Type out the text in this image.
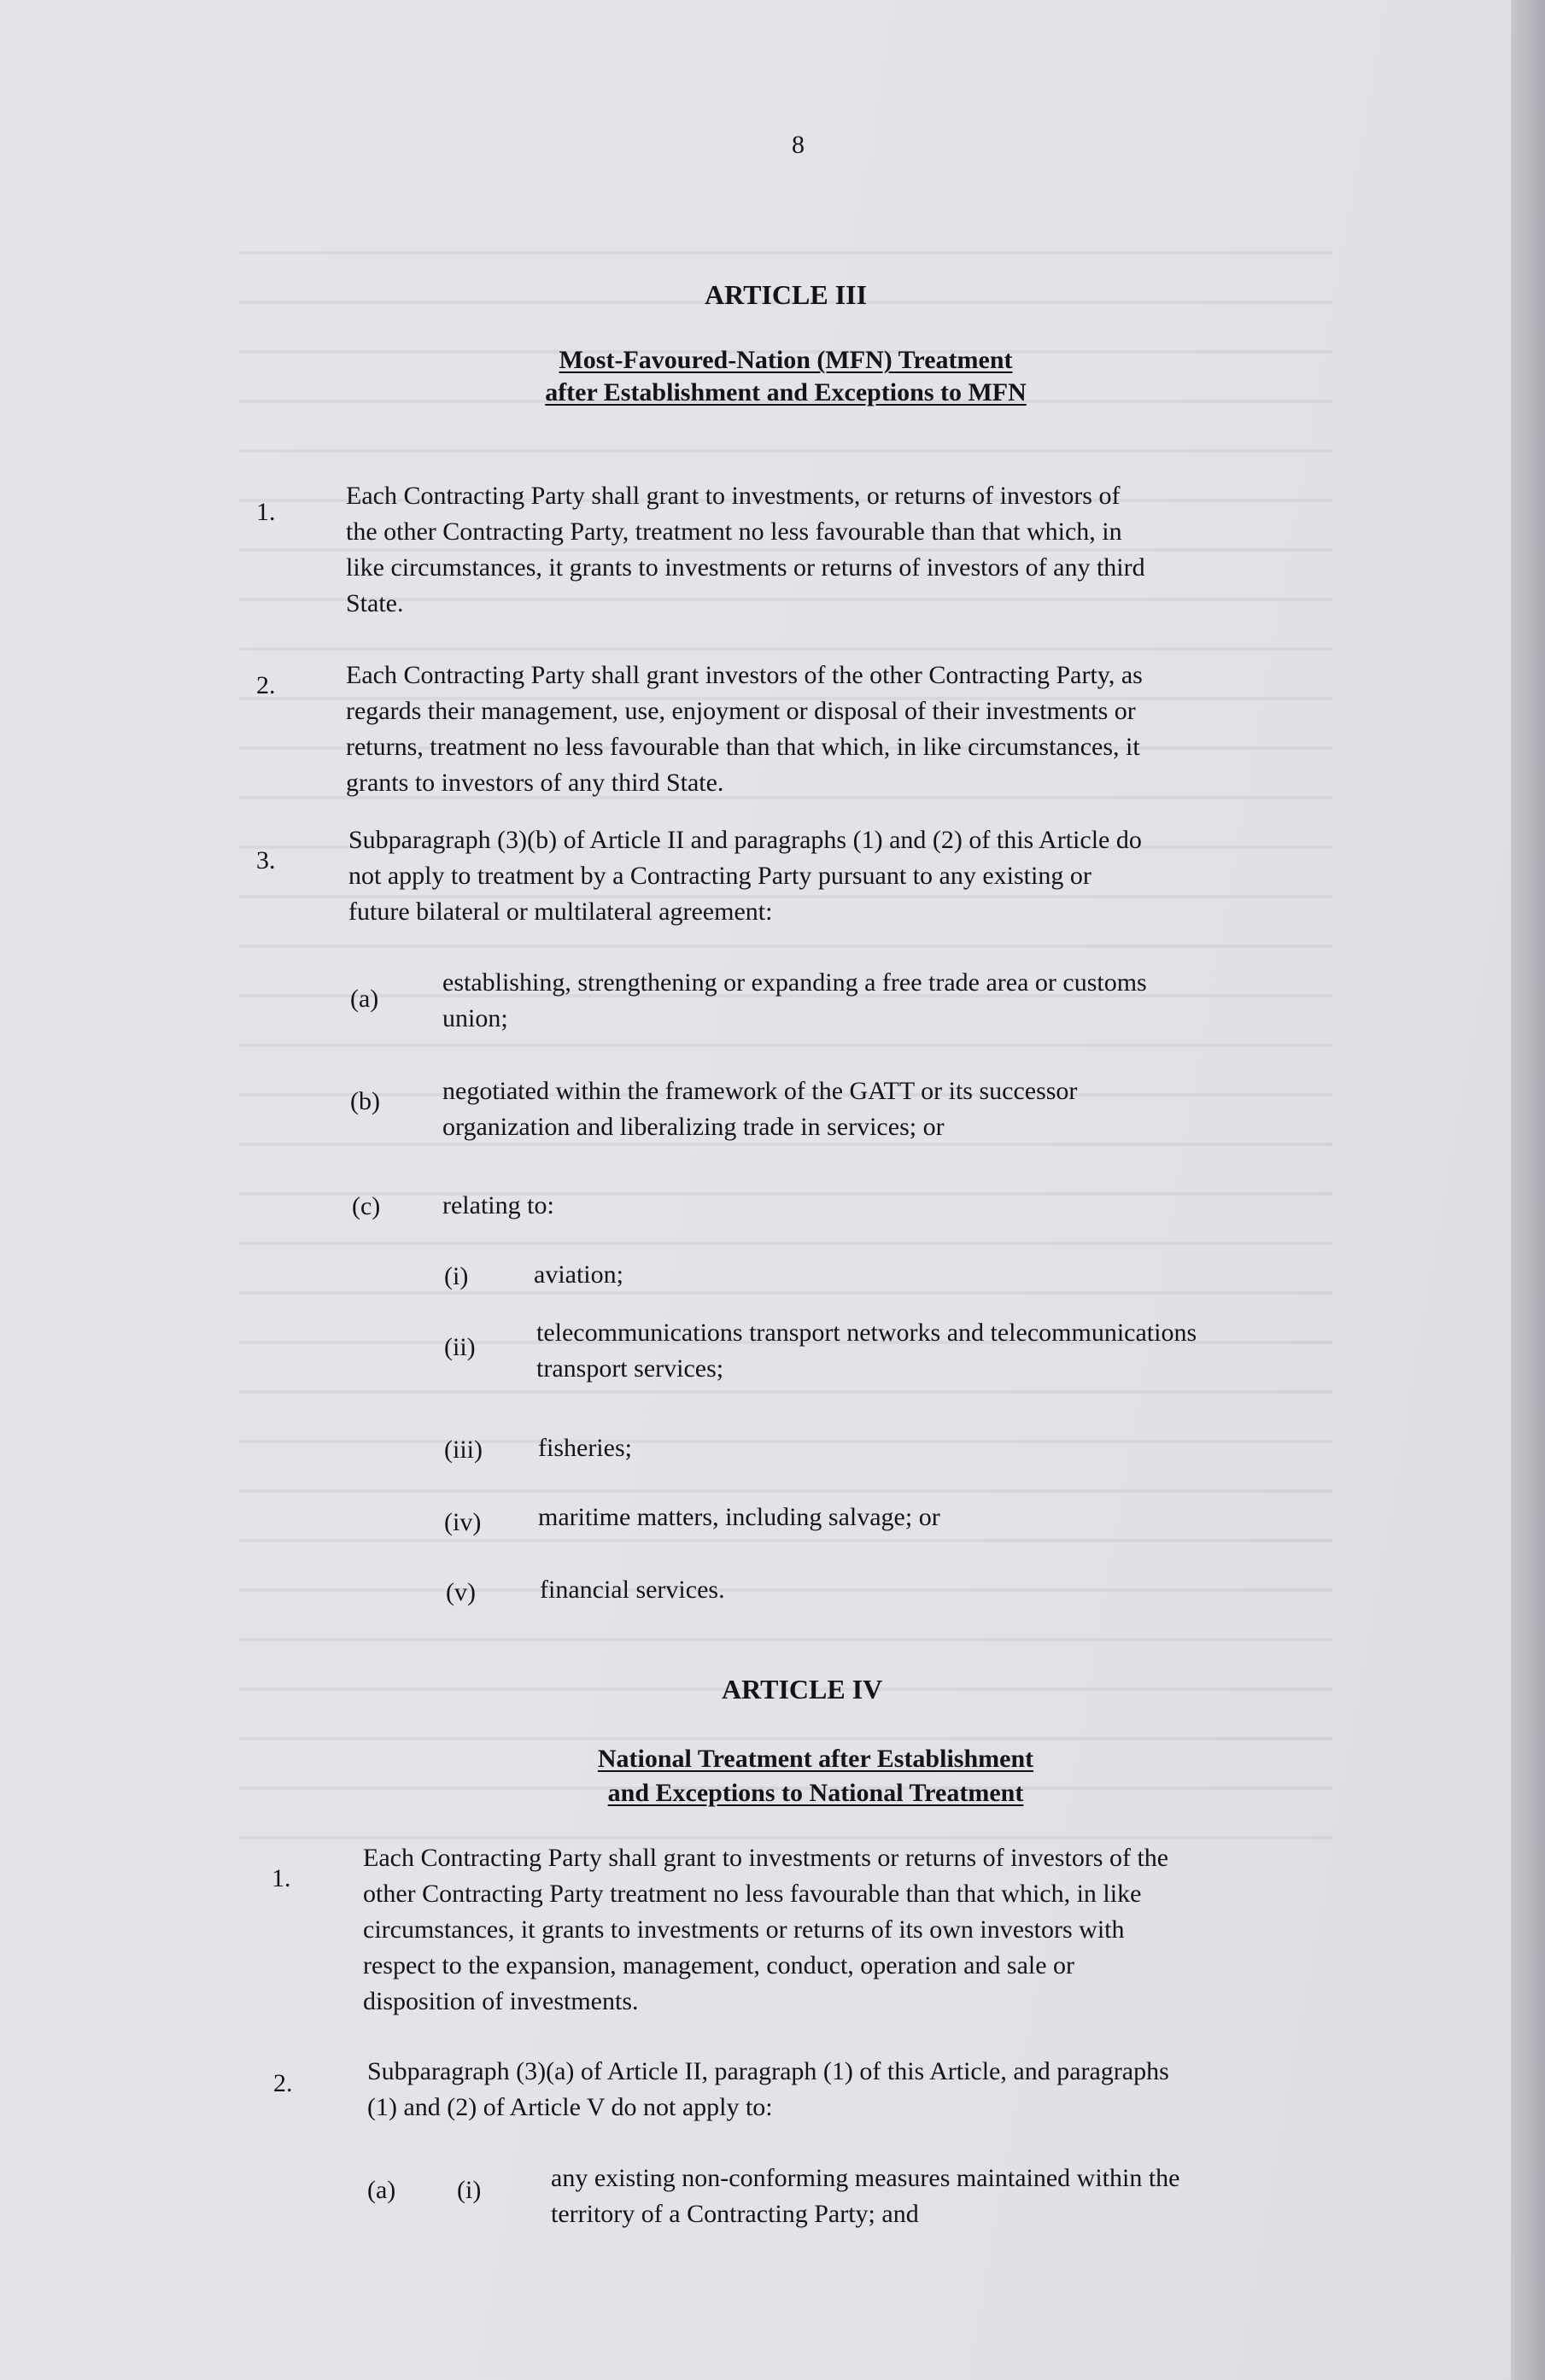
8
ARTICLE III
Most-Favoured-Nation (MFN) Treatment
after Establishment and Exceptions to MFN
1.
Each Contracting Party shall grant to investments, or returns of investors of
the other Contracting Party, treatment no less favourable than that which, in
like circumstances, it grants to investments or returns of investors of any third
State.
2.	Each Contracting Party shall grant investors of the other Contracting Party, as
regards their management, use, enjoyment or disposal of their investments or
returns, treatment no less favourable than that which, in like circumstances, it
grants to investors of any third State.
3.
Subparagraph (3)(b) of Article II and paragraphs (1) and (2) of this Article do
not apply to treatment by a Contracting Party pursuant to any existing or
future bilateral or multilateral agreement:
(a)
establishing, strengthening or expanding a free trade area or customs
union;
(b) negotiated within the framework of the GATT or its successor
organization and liberalizing trade in services; or
(c) relating to:
(i)	aviation;
(ii)
telecommunications transport networks and telecommunications
transport services;
(iii) fisheries;
(iv) maritime matters, including salvage; or
(v)	financial services.
ARTICLE IV
National Treatment after Establishment
and Exceptions to National Treatment
1.
Each Contracting Party shall grant to investments or returns of investors of the
other Contracting Party treatment no less favourable than that which, in like
circumstances, it grants to investments or returns of its own investors with
respect to the expansion, management, conduct, operation and sale or
disposition of investments.
2.	Subparagraph (3)(a) of Article II, paragraph (1) of this Article, and paragraphs
(1) and (2) of Article V do not apply to:
(a) (i)	any existing non-conforming measures maintained within the
territory of a Contracting Party; and
